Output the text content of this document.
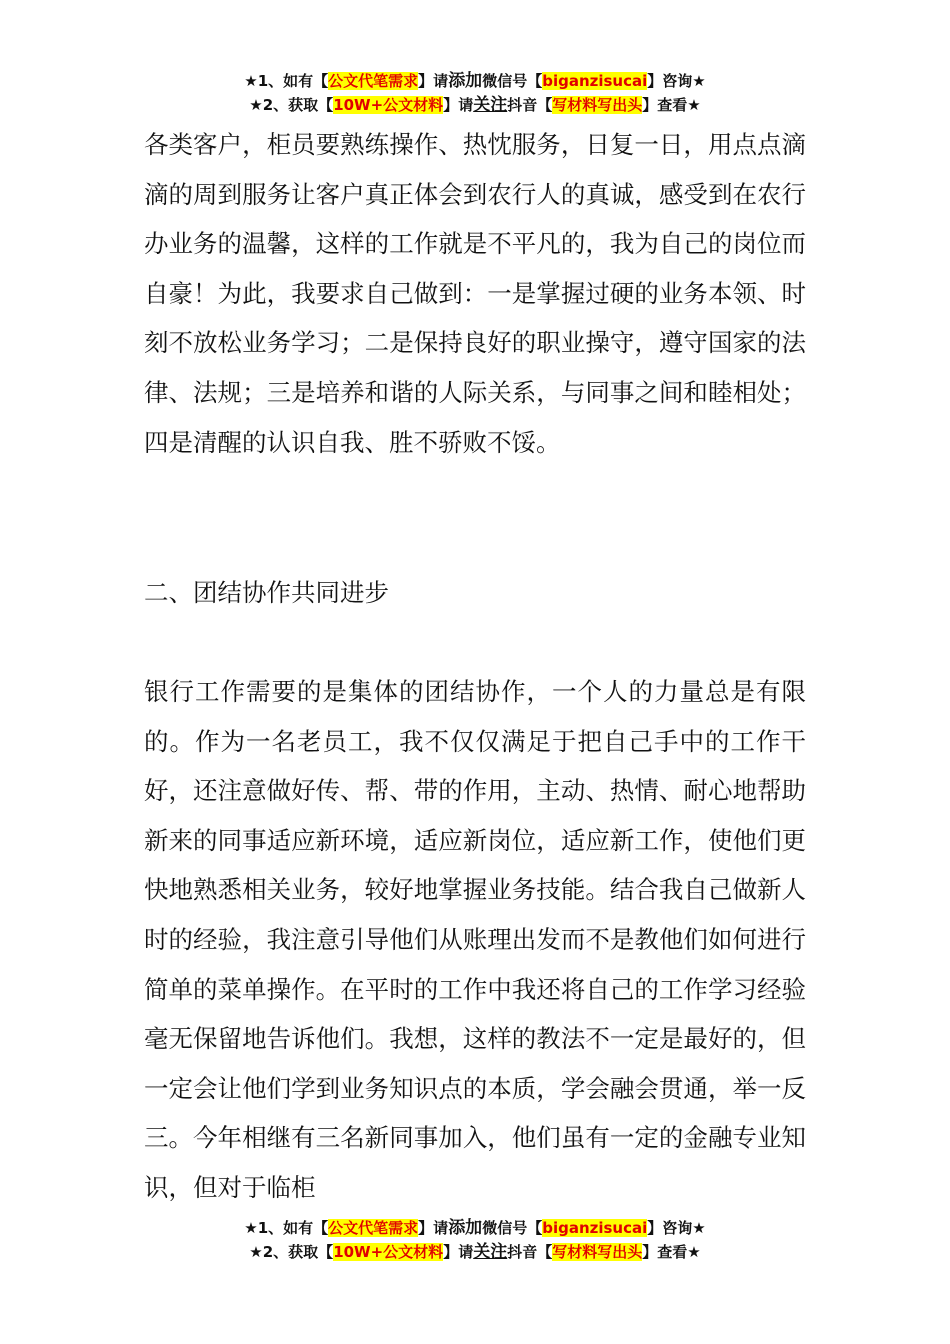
★1、如有【公文代笔需求】请添加微信号【biganzisucai】咨询★
★2、获取【10W+公文材料】请关注抖音【写材料写出头】查看★

各类客户，柜员要熟练操作、热忱服务，日复一日，用点点滴滴的周到服务让客户真正体会到农行人的真诚，感受到在农行办业务的温馨，这样的工作就是不平凡的，我为自己的岗位而自豪！为此，我要求自己做到：一是掌握过硬的业务本领、时刻不放松业务学习；二是保持良好的职业操守，遵守国家的法律、法规；三是培养和谐的人际关系，与同事之间和睦相处；四是清醒的认识自我、胜不骄败不馁。

二、团结协作共同进步

银行工作需要的是集体的团结协作，一个人的力量总是有限的。作为一名老员工，我不仅仅满足于把自己手中的工作干好，还注意做好传、帮、带的作用，主动、热情、耐心地帮助新来的同事适应新环境，适应新岗位，适应新工作，使他们更快地熟悉相关业务，较好地掌握业务技能。结合我自己做新人时的经验，我注意引导他们从账理出发而不是教他们如何进行简单的菜单操作。在平时的工作中我还将自己的工作学习经验毫无保留地告诉他们。我想，这样的教法不一定是最好的，但一定会让他们学到业务知识点的本质，学会融会贯通，举一反三。今年相继有三名新同事加入，他们虽有一定的金融专业知识，但对于临柜

★1、如有【公文代笔需求】请添加微信号【biganzisucai】咨询★
★2、获取【10W+公文材料】请关注抖音【写材料写出头】查看★
